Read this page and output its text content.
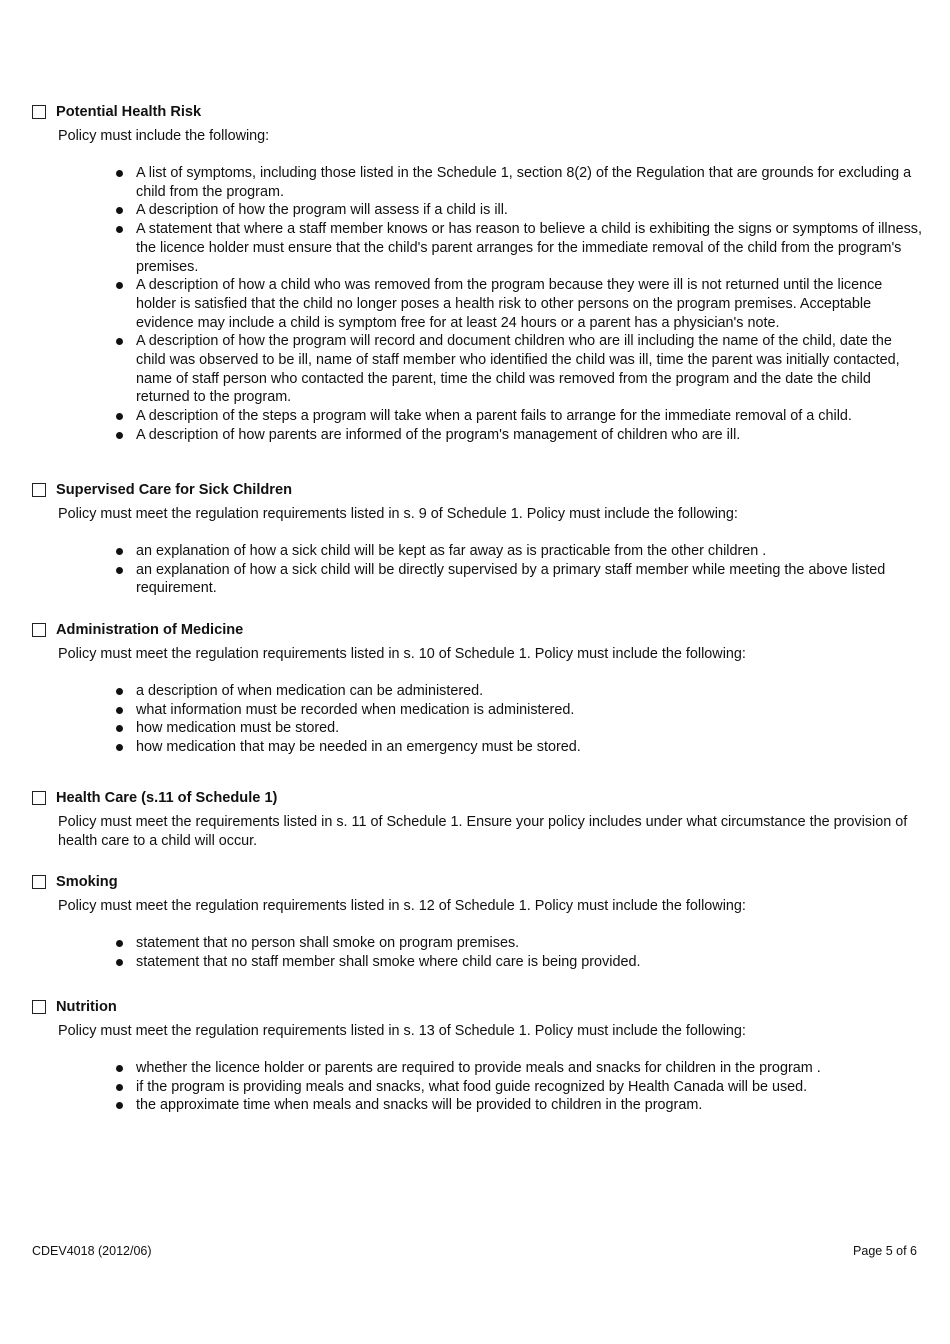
Potential Health Risk
Policy must include the following:
A list of symptoms, including those listed in the Schedule 1, section 8(2) of the Regulation that are grounds for excluding a child from the program.
A description of how the program will assess if a child is ill.
A statement that where a staff member knows or has reason to believe a child is exhibiting the signs or symptoms of illness, the licence holder must ensure that the child's parent arranges for the immediate removal of the child from the program's premises.
A description of how a child who was removed from the program because they were ill is not returned until the licence holder is satisfied that the child no longer poses a health risk to other persons on the program premises. Acceptable evidence may include a child is symptom free for at least 24 hours or a parent has a physician's note.
A description of how the program will record and document children who are ill including the name of the child, date the child was observed to be ill, name of staff member who identified the child was ill, time the parent was initially contacted, name of staff person who contacted the parent, time the child was removed from the program and the date the child returned to the program.
A description of the steps a program will take when a parent fails to arrange for the immediate removal of a child.
A description of how parents are informed of the program's management of children who are ill.
Supervised Care for Sick Children
Policy must meet the regulation requirements listed in s. 9 of Schedule 1. Policy must include the following:
an explanation of how a sick child will be kept as far away as is practicable from the other children .
an explanation of how a sick child will be directly supervised by a primary staff member while meeting the above listed requirement.
Administration of Medicine
Policy must meet the regulation requirements listed in s. 10 of Schedule 1. Policy must include the following:
a description of when medication can be administered.
what information must be recorded when medication is administered.
how medication must be stored.
how medication that may be needed in an emergency must be stored.
Health Care (s.11 of Schedule 1)
Policy must meet the requirements listed in s. 11 of Schedule 1. Ensure your policy includes under what circumstance the provision of health care to a child will occur.
Smoking
Policy must meet the regulation requirements listed in s. 12 of Schedule 1. Policy must include the following:
statement that no person shall smoke on program premises.
statement that no staff member shall smoke where child care is being provided.
Nutrition
Policy must meet the regulation requirements listed in s. 13 of Schedule 1. Policy must include the following:
whether the licence holder or parents are required to provide meals and snacks for children in the program .
if the program is providing meals and snacks, what food guide recognized by Health Canada will be used.
the approximate time when meals and snacks will be provided to children in the program.
CDEV4018 (2012/06)	Page 5 of 6
